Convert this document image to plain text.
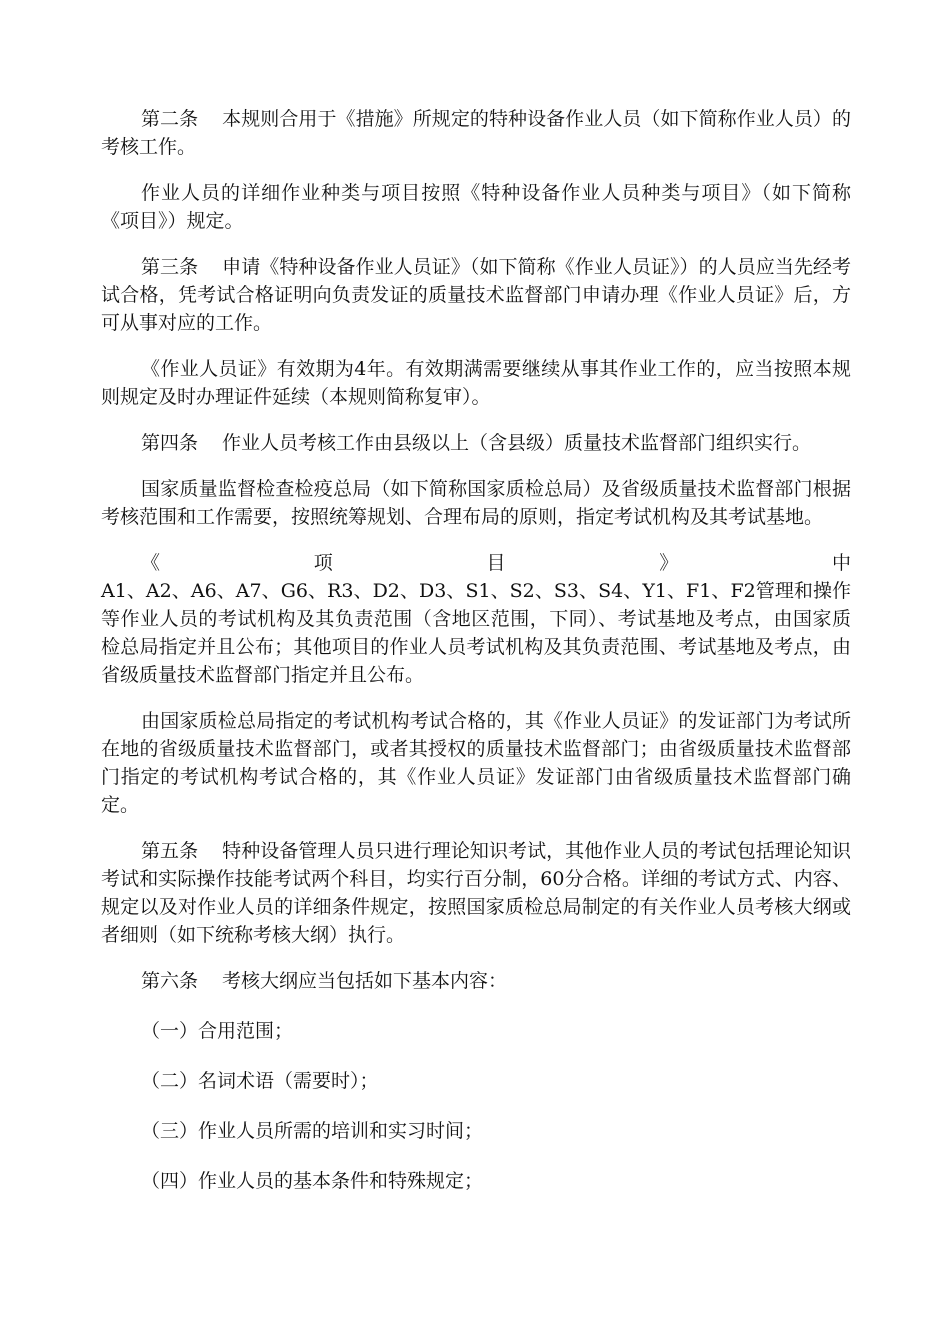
第二条 本规则合用于《措施》所规定的特种设备作业人员（如下简称作业人员）的考核工作。

作业人员的详细作业种类与项目按照《特种设备作业人员种类与项目》（如下简称《项目》）规定。

第三条 申请《特种设备作业人员证》（如下简称《作业人员证》）的人员应当先经考试合格，凭考试合格证明向负责发证的质量技术监督部门申请办理《作业人员证》后，方可从事对应的工作。

《作业人员证》有效期为4年。有效期满需要继续从事其作业工作的，应当按照本规则规定及时办理证件延续（本规则简称复审）。

第四条 作业人员考核工作由县级以上（含县级）质量技术监督部门组织实行。

国家质量监督检查检疫总局（如下简称国家质检总局）及省级质量技术监督部门根据考核范围和工作需要，按照统筹规划、合理布局的原则，指定考试机构及其考试基地。

《	项	目	》	中

A1、A2、A6、A7、G6、R3、D2、D3、S1、S2、S3、S4、Y1、F1、F2管理和操作等作业人员的考试机构及其负责范围（含地区范围，下同）、考试基地及考点，由国家质检总局指定并且公布；其他项目的作业人员考试机构及其负责范围、考试基地及考点，由省级质量技术监督部门指定并且公布。

由国家质检总局指定的考试机构考试合格的，其《作业人员证》的发证部门为考试所在地的省级质量技术监督部门，或者其授权的质量技术监督部门；由省级质量技术监督部门指定的考试机构考试合格的，其《作业人员证》发证部门由省级质量技术监督部门确定。

第五条 特种设备管理人员只进行理论知识考试，其他作业人员的考试包括理论知识考试和实际操作技能考试两个科目，均实行百分制，60分合格。详细的考试方式、内容、规定以及对作业人员的详细条件规定，按照国家质检总局制定的有关作业人员考核大纲或者细则（如下统称考核大纲）执行。

第六条 考核大纲应当包括如下基本内容：

（一）合用范围；

（二）名词术语（需要时）；

（三）作业人员所需的培训和实习时间；

（四）作业人员的基本条件和特殊规定；
